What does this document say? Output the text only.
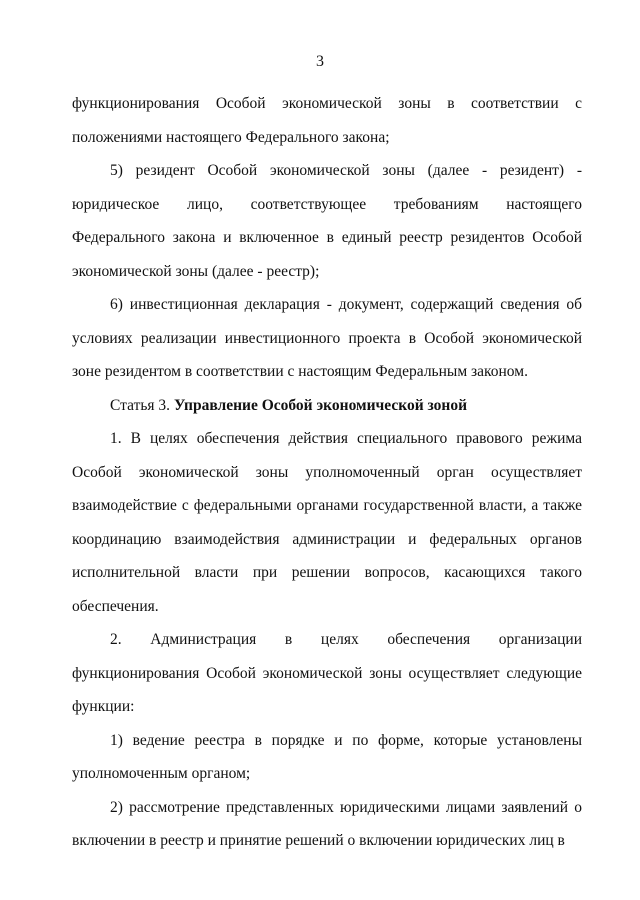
3

функционирования Особой экономической зоны в соответствии с положениями настоящего Федерального закона;

5) резидент Особой экономической зоны (далее - резидент) - юридическое лицо, соответствующее требованиям настоящего Федерального закона и включенное в единый реестр резидентов Особой экономической зоны (далее - реестр);

6) инвестиционная декларация - документ, содержащий сведения об условиях реализации инвестиционного проекта в Особой экономической зоне резидентом в соответствии с настоящим Федеральным законом.

Статья 3. Управление Особой экономической зоной

1. В целях обеспечения действия специального правового режима Особой экономической зоны уполномоченный орган осуществляет взаимодействие с федеральными органами государственной власти, а также координацию взаимодействия администрации и федеральных органов исполнительной власти при решении вопросов, касающихся такого обеспечения.

2. Администрация в целях обеспечения организации функционирования Особой экономической зоны осуществляет следующие функции:

1) ведение реестра в порядке и по форме, которые установлены уполномоченным органом;

2) рассмотрение представленных юридическими лицами заявлений о включении в реестр и принятие решений о включении юридических лиц в
